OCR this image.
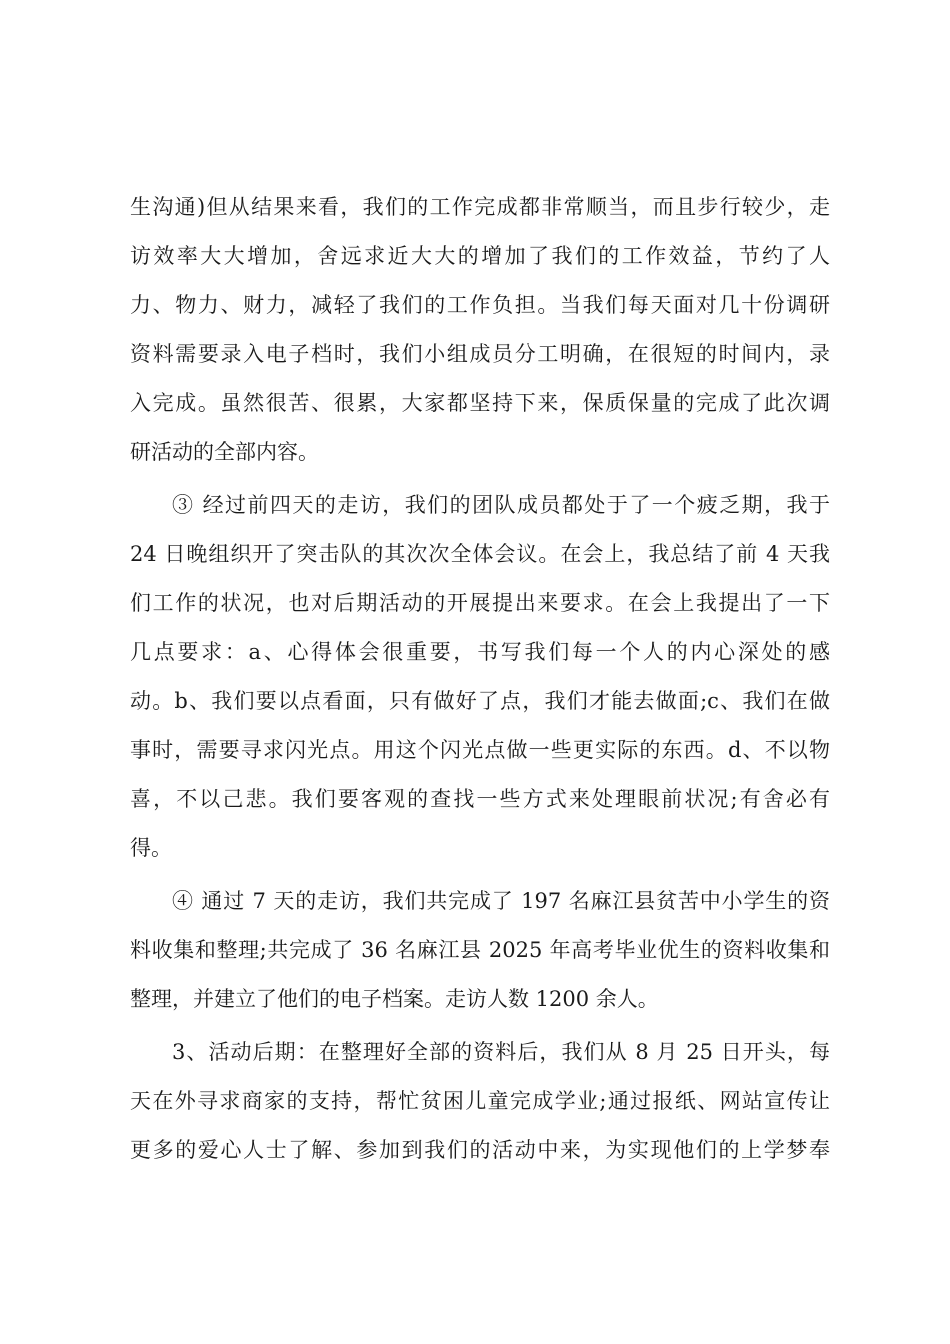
生沟通)但从结果来看，我们的工作完成都非常顺当，而且步行较少，走
访效率大大增加，舍远求近大大的增加了我们的工作效益，节约了人
力、物力、财力，减轻了我们的工作负担。当我们每天面对几十份调研
资料需要录入电子档时，我们小组成员分工明确，在很短的时间内，录
入完成。虽然很苦、很累，大家都坚持下来，保质保量的完成了此次调
研活动的全部内容。
③ 经过前四天的走访，我们的团队成员都处于了一个疲乏期，我于
24 日晚组织开了突击队的其次次全体会议。在会上，我总结了前 4 天我
们工作的状况，也对后期活动的开展提出来要求。在会上我提出了一下
几点要求：a、心得体会很重要，书写我们每一个人的内心深处的感
动。b、我们要以点看面，只有做好了点，我们才能去做面;c、我们在做
事时，需要寻求闪光点。用这个闪光点做一些更实际的东西。d、不以物
喜，不以己悲。我们要客观的查找一些方式来处理眼前状况;有舍必有
得。
④ 通过 7 天的走访，我们共完成了 197 名麻江县贫苦中小学生的资
料收集和整理;共完成了 36 名麻江县 2025 年高考毕业优生的资料收集和
整理，并建立了他们的电子档案。走访人数 1200 余人。
3、活动后期：在整理好全部的资料后，我们从 8 月 25 日开头，每
天在外寻求商家的支持，帮忙贫困儿童完成学业;通过报纸、网站宣传让
更多的爱心人士了解、参加到我们的活动中来，为实现他们的上学梦奉
